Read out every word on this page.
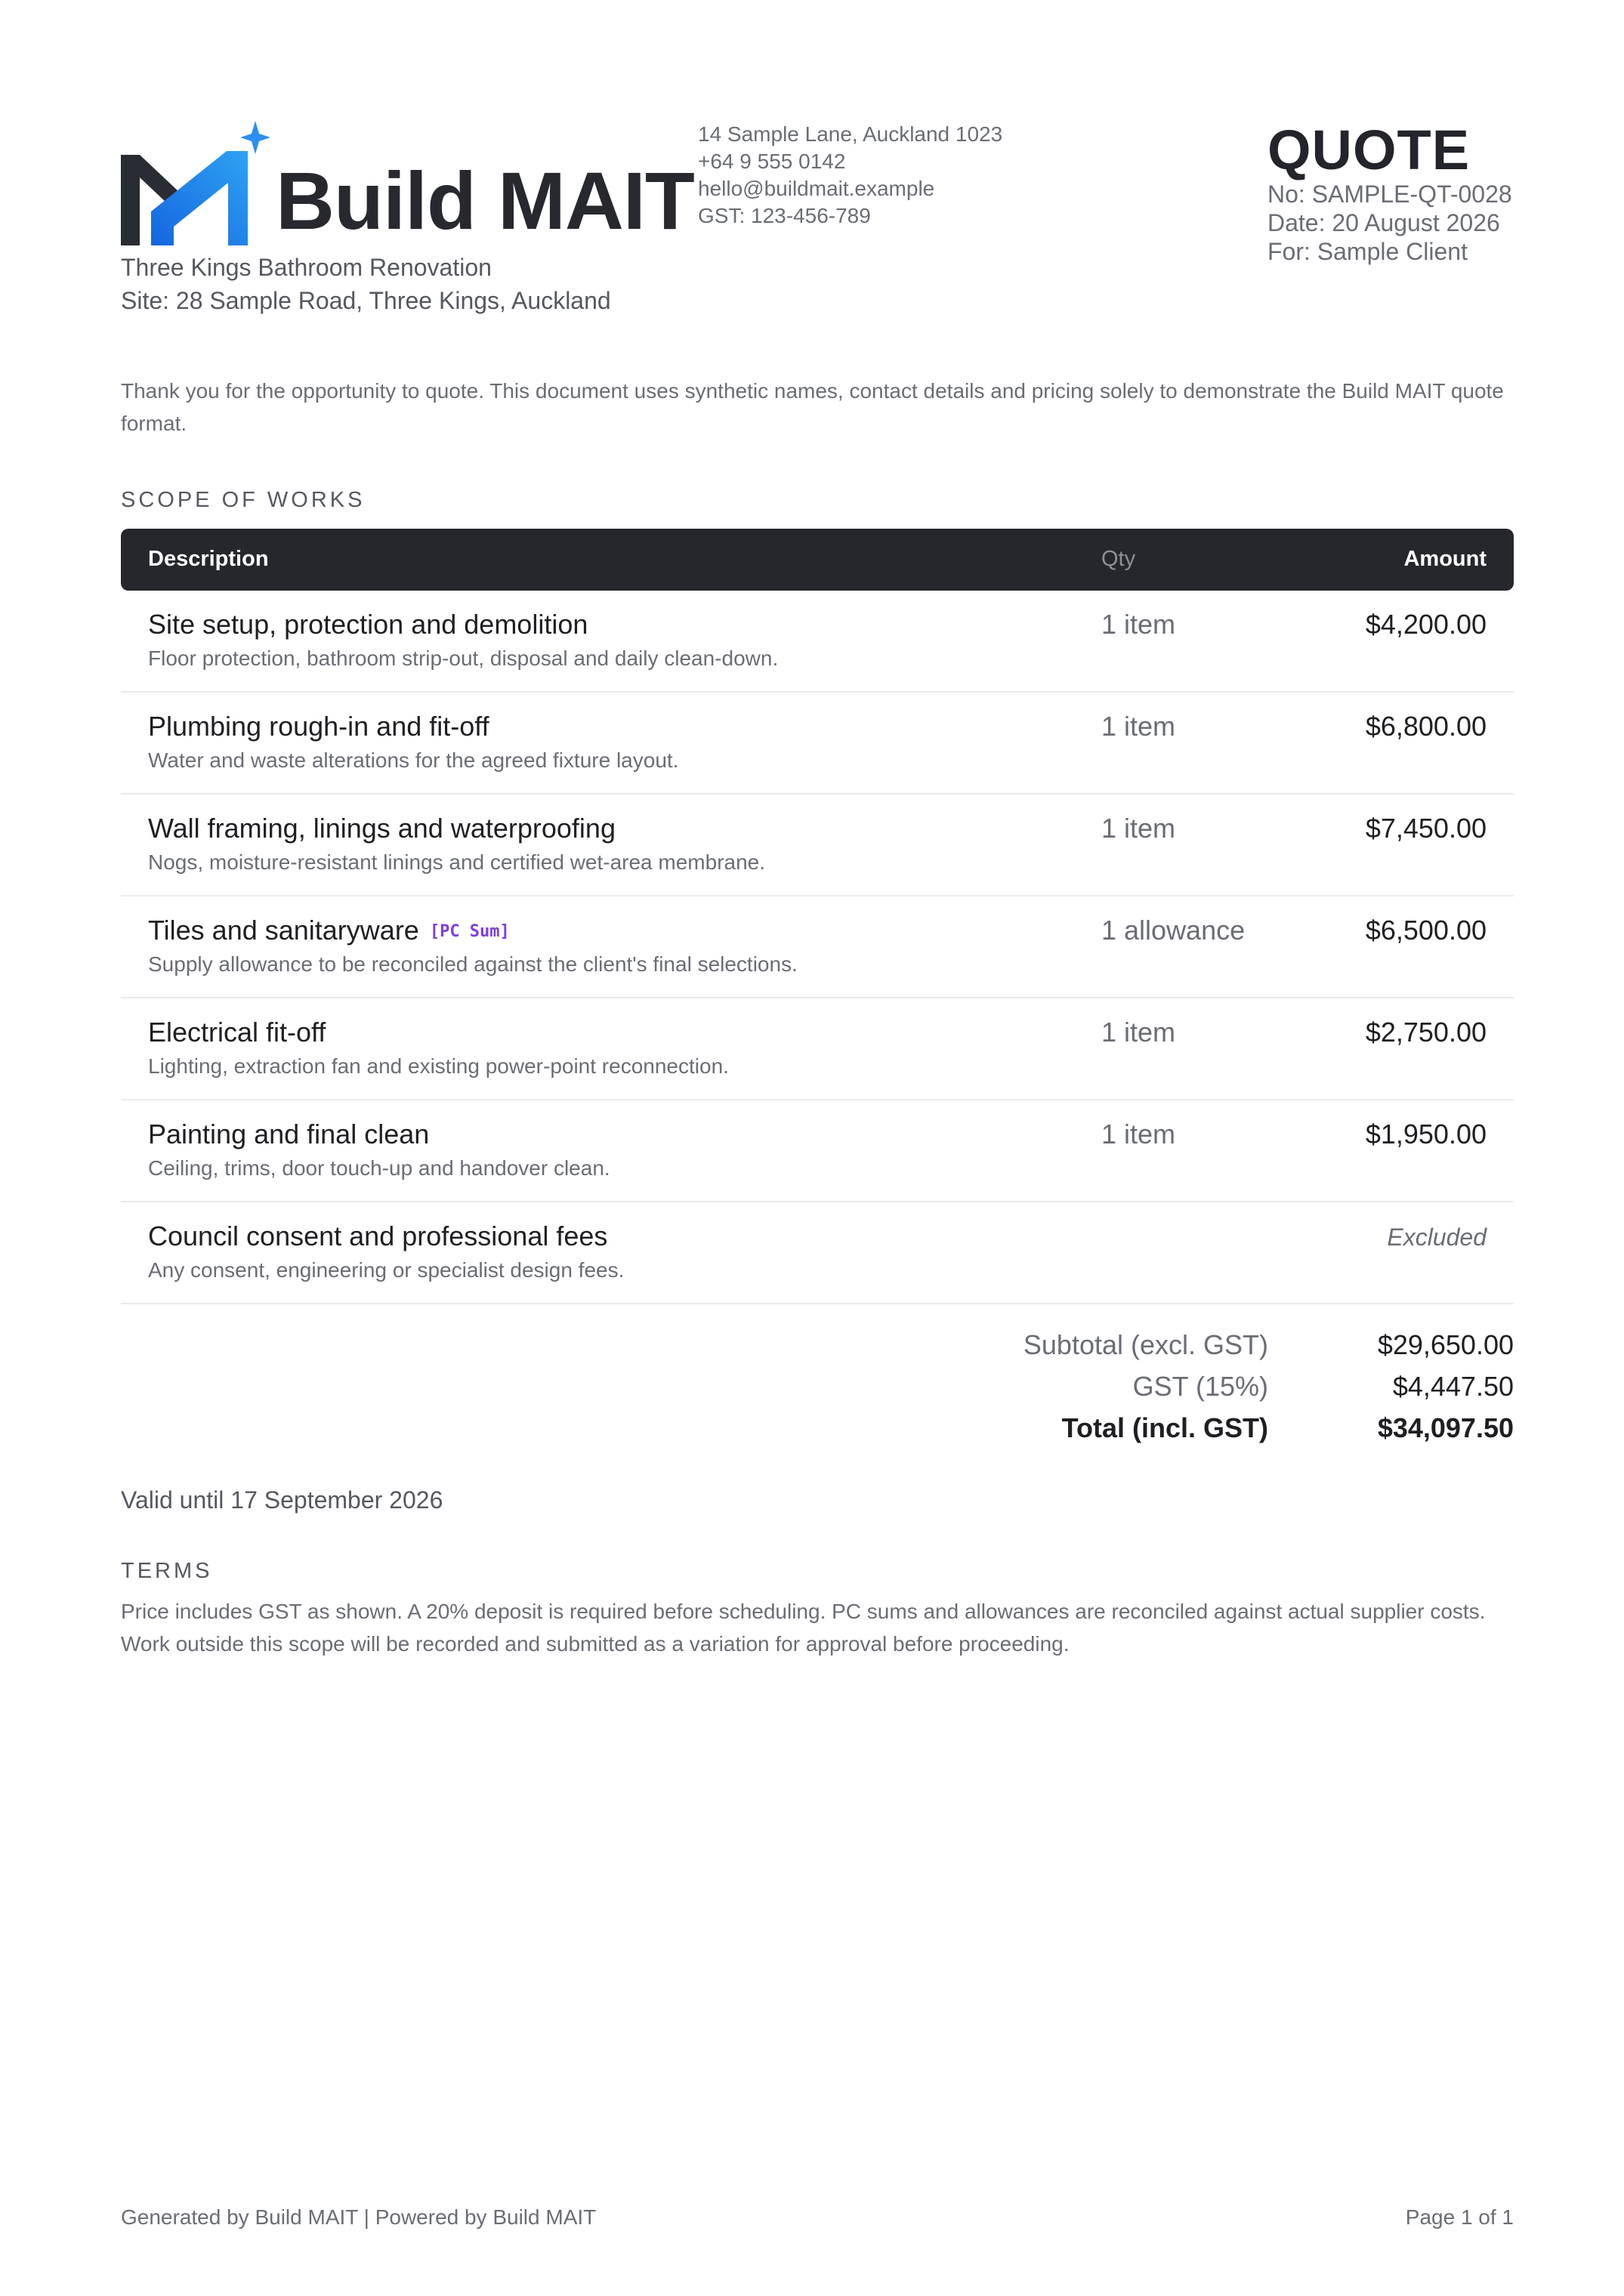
Build MAIT
Three Kings Bathroom Renovation
Site: 28 Sample Road, Three Kings, Auckland
14 Sample Lane, Auckland 1023
+64 9 555 0142
hello@buildmait.example
GST: 123-456-789
QUOTE
No: SAMPLE-QT-0028
Date: 20 August 2026
For: Sample Client
Thank you for the opportunity to quote. This document uses synthetic names, contact details and pricing solely to demonstrate the Build MAIT quote format.
SCOPE OF WORKS
Description	Qty	Amount
Site setup, protection and demolition
Floor protection, bathroom strip-out, disposal and daily clean-down.
1 item	$4,200.00
Plumbing rough-in and fit-off
Water and waste alterations for the agreed fixture layout.
1 item	$6,800.00
Wall framing, linings and waterproofing
Nogs, moisture-resistant linings and certified wet-area membrane.
1 item	$7,450.00
Tiles and sanitaryware [PC Sum]
Supply allowance to be reconciled against the client's final selections.
1 allowance	$6,500.00
Electrical fit-off
Lighting, extraction fan and existing power-point reconnection.
1 item	$2,750.00
Painting and final clean
Ceiling, trims, door touch-up and handover clean.
1 item	$1,950.00
Council consent and professional fees
Any consent, engineering or specialist design fees.
Excluded
Subtotal (excl. GST)	$29,650.00
GST (15%)	$4,447.50
Total (incl. GST)	$34,097.50
Valid until 17 September 2026
TERMS
Price includes GST as shown. A 20% deposit is required before scheduling. PC sums and allowances are reconciled against actual supplier costs. Work outside this scope will be recorded and submitted as a variation for approval before proceeding.
Generated by Build MAIT | Powered by Build MAIT	Page 1 of 1
